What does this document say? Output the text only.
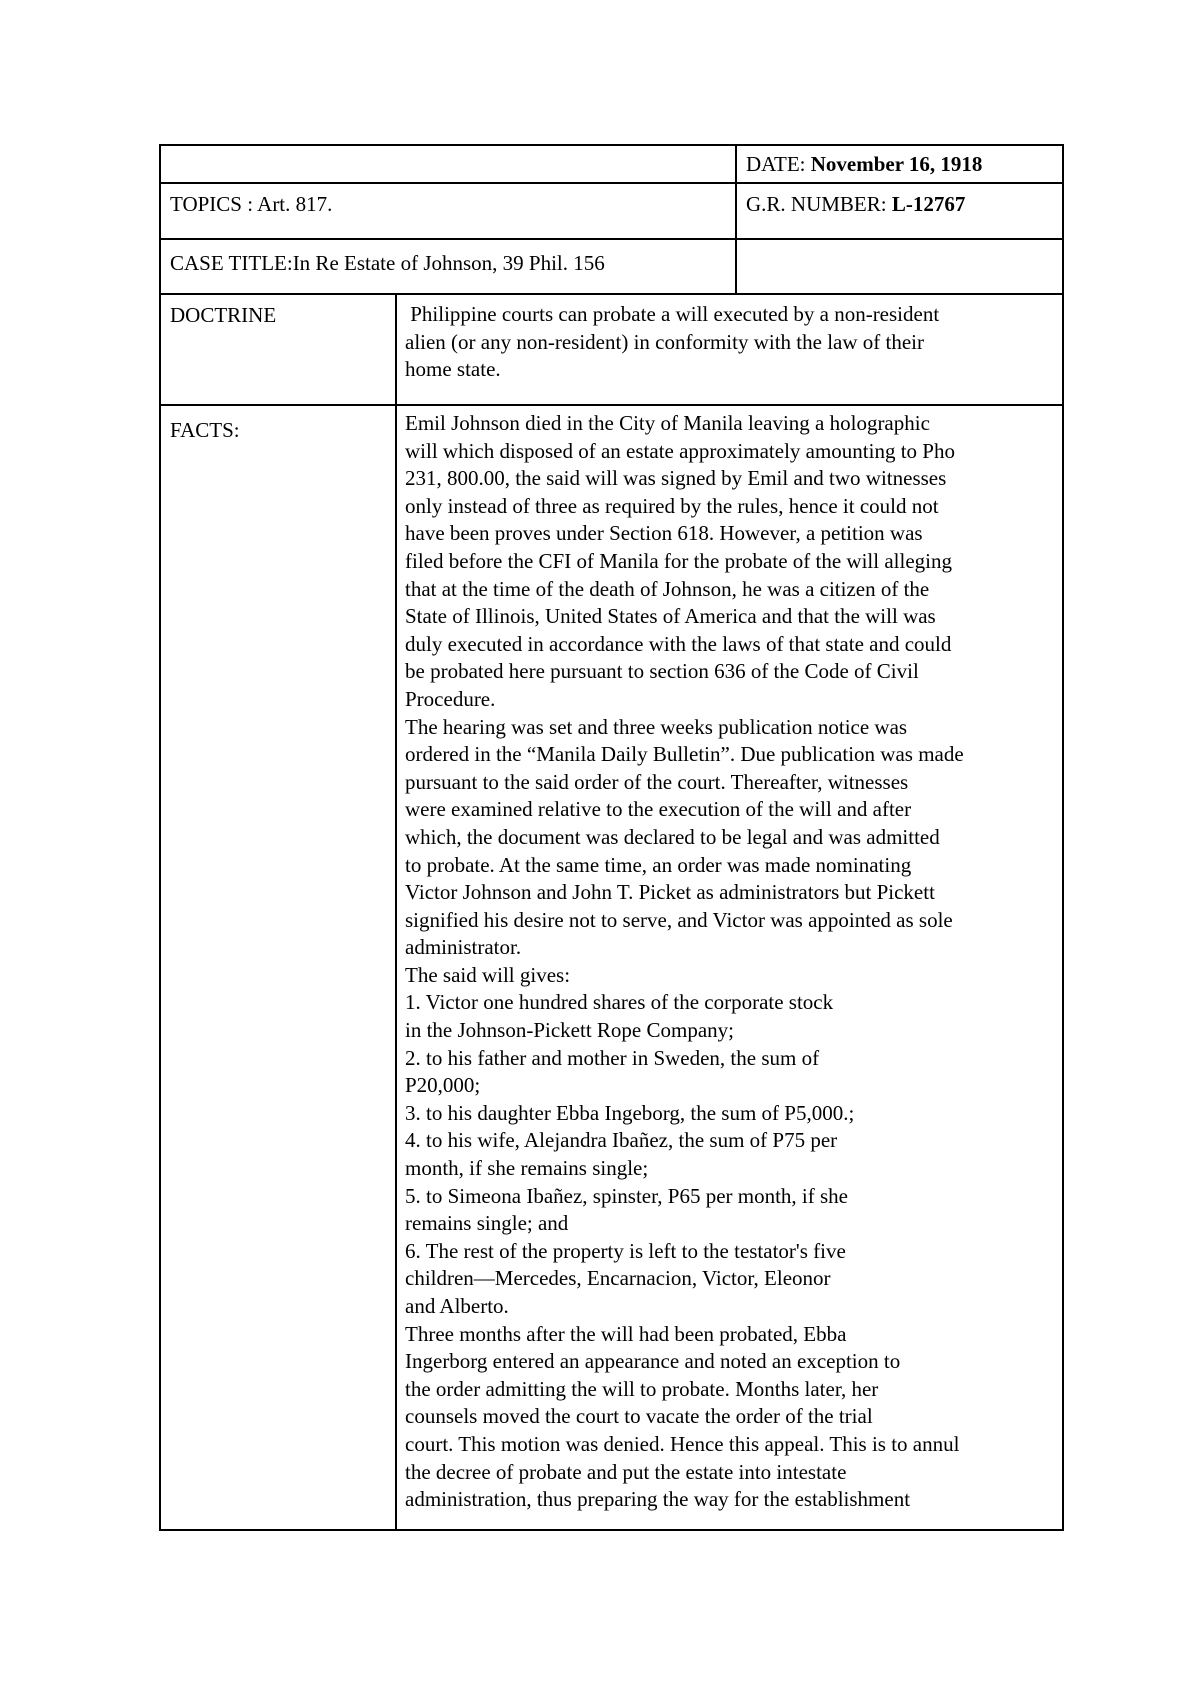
DATE: November 16, 1918
TOPICS : Art. 817.	G.R. NUMBER: L-12767
CASE TITLE:In Re Estate of Johnson, 39 Phil. 156
DOCTRINE	Philippine courts can probate a will executed by a non-resident
alien (or any non-resident) in conformity with the law of their
home state.
FACTS:	Emil Johnson died in the City of Manila leaving a holographic
will which disposed of an estate approximately amounting to Pho
231, 800.00, the said will was signed by Emil and two witnesses
only instead of three as required by the rules, hence it could not
have been proves under Section 618. However, a petition was
filed before the CFI of Manila for the probate of the will alleging
that at the time of the death of Johnson, he was a citizen of the
State of Illinois, United States of America and that the will was
duly executed in accordance with the laws of that state and could
be probated here pursuant to section 636 of the Code of Civil
Procedure.
The hearing was set and three weeks publication notice was
ordered in the “Manila Daily Bulletin”. Due publication was made
pursuant to the said order of the court. Thereafter, witnesses
were examined relative to the execution of the will and after
which, the document was declared to be legal and was admitted
to probate. At the same time, an order was made nominating
Victor Johnson and John T. Picket as administrators but Pickett
signified his desire not to serve, and Victor was appointed as sole
administrator.
The said will gives:
1. Victor one hundred shares of the corporate stock
in the Johnson-Pickett Rope Company;
2. to his father and mother in Sweden, the sum of
P20,000;
3. to his daughter Ebba Ingeborg, the sum of P5,000.;
4. to his wife, Alejandra Ibañez, the sum of P75 per
month, if she remains single;
5. to Simeona Ibañez, spinster, P65 per month, if she
remains single; and
6. The rest of the property is left to the testator's five
children—Mercedes, Encarnacion, Victor, Eleonor
and Alberto.
Three months after the will had been probated, Ebba
Ingerborg entered an appearance and noted an exception to
the order admitting the will to probate. Months later, her
counsels moved the court to vacate the order of the trial
court. This motion was denied. Hence this appeal. This is to annul
the decree of probate and put the estate into intestate
administration, thus preparing the way for the establishment
